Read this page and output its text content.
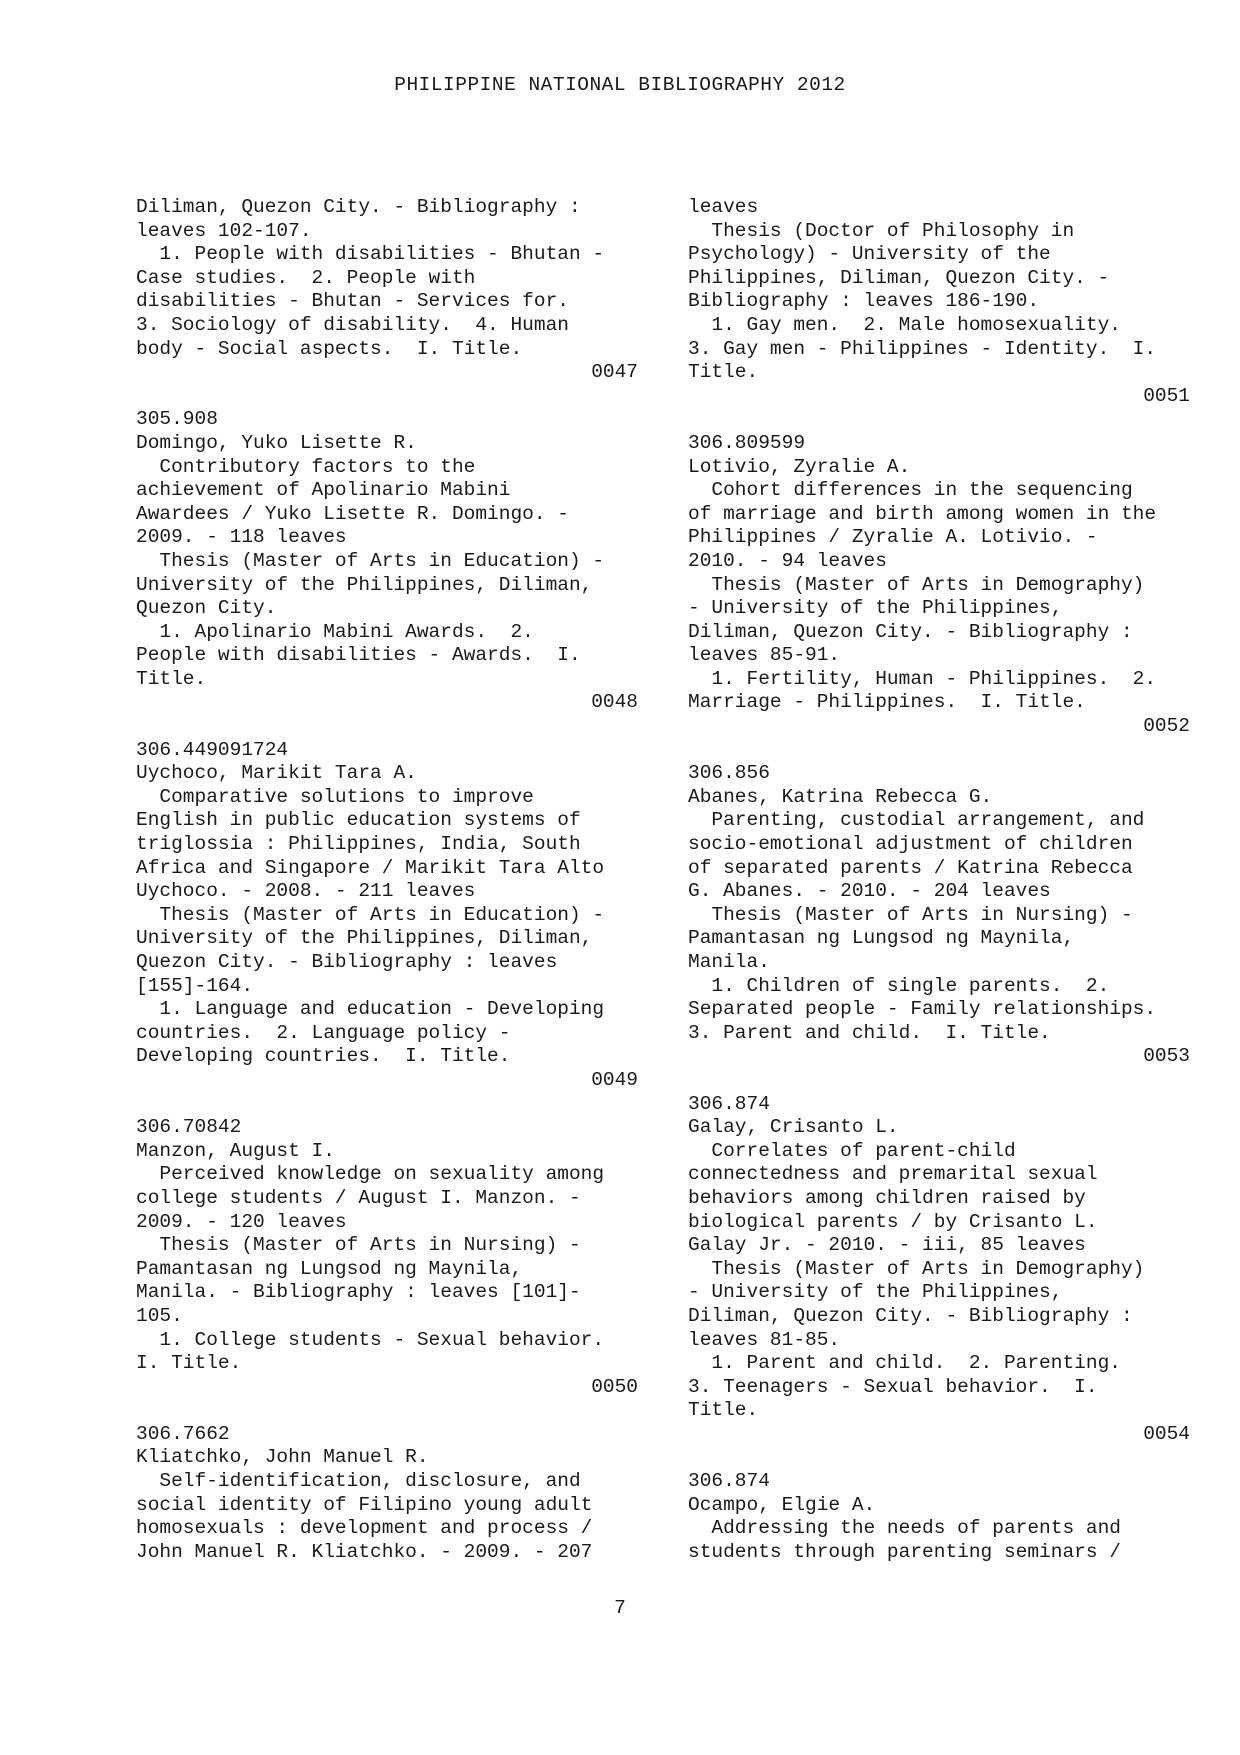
PHILIPPINE NATIONAL BIBLIOGRAPHY 2012
Diliman, Quezon City. - Bibliography :
leaves 102-107.
1. People with disabilities - Bhutan -
Case studies.  2. People with
disabilities - Bhutan - Services for.
3. Sociology of disability.  4. Human
body - Social aspects.  I. Title.
0047
305.908
Domingo, Yuko Lisette R.
Contributory factors to the
achievement of Apolinario Mabini
Awardees / Yuko Lisette R. Domingo. -
2009. - 118 leaves
Thesis (Master of Arts in Education) -
University of the Philippines, Diliman,
Quezon City.
1. Apolinario Mabini Awards.  2.
People with disabilities - Awards.  I.
Title.
0048
306.449091724
Uychoco, Marikit Tara A.
Comparative solutions to improve
English in public education systems of
triglossia : Philippines, India, South
Africa and Singapore / Marikit Tara Alto
Uychoco. - 2008. - 211 leaves
Thesis (Master of Arts in Education) -
University of the Philippines, Diliman,
Quezon City. - Bibliography : leaves
[155]-164.
1. Language and education - Developing
countries.  2. Language policy -
Developing countries.  I. Title.
0049
306.70842
Manzon, August I.
Perceived knowledge on sexuality among
college students / August I. Manzon. -
2009. - 120 leaves
Thesis (Master of Arts in Nursing) -
Pamantasan ng Lungsod ng Maynila,
Manila. - Bibliography : leaves [101]-
105.
1. College students - Sexual behavior.
I. Title.
0050
306.7662
Kliatchko, John Manuel R.
Self-identification, disclosure, and
social identity of Filipino young adult
homosexuals : development and process /
John Manuel R. Kliatchko. - 2009. - 207
leaves
Thesis (Doctor of Philosophy in
Psychology) - University of the
Philippines, Diliman, Quezon City. -
Bibliography : leaves 186-190.
1. Gay men.  2. Male homosexuality.
3. Gay men - Philippines - Identity.  I.
Title.
0051
306.809599
Lotivio, Zyralie A.
Cohort differences in the sequencing
of marriage and birth among women in the
Philippines / Zyralie A. Lotivio. -
2010. - 94 leaves
Thesis (Master of Arts in Demography)
- University of the Philippines,
Diliman, Quezon City. - Bibliography :
leaves 85-91.
1. Fertility, Human - Philippines.  2.
Marriage - Philippines.  I. Title.
0052
306.856
Abanes, Katrina Rebecca G.
Parenting, custodial arrangement, and
socio-emotional adjustment of children
of separated parents / Katrina Rebecca
G. Abanes. - 2010. - 204 leaves
Thesis (Master of Arts in Nursing) -
Pamantasan ng Lungsod ng Maynila,
Manila.
1. Children of single parents.  2.
Separated people - Family relationships.
3. Parent and child.  I. Title.
0053
306.874
Galay, Crisanto L.
Correlates of parent-child
connectedness and premarital sexual
behaviors among children raised by
biological parents / by Crisanto L.
Galay Jr. - 2010. - iii, 85 leaves
Thesis (Master of Arts in Demography)
- University of the Philippines,
Diliman, Quezon City. - Bibliography :
leaves 81-85.
1. Parent and child.  2. Parenting.
3. Teenagers - Sexual behavior.  I.
Title.
0054
306.874
Ocampo, Elgie A.
Addressing the needs of parents and
students through parenting seminars /
7
